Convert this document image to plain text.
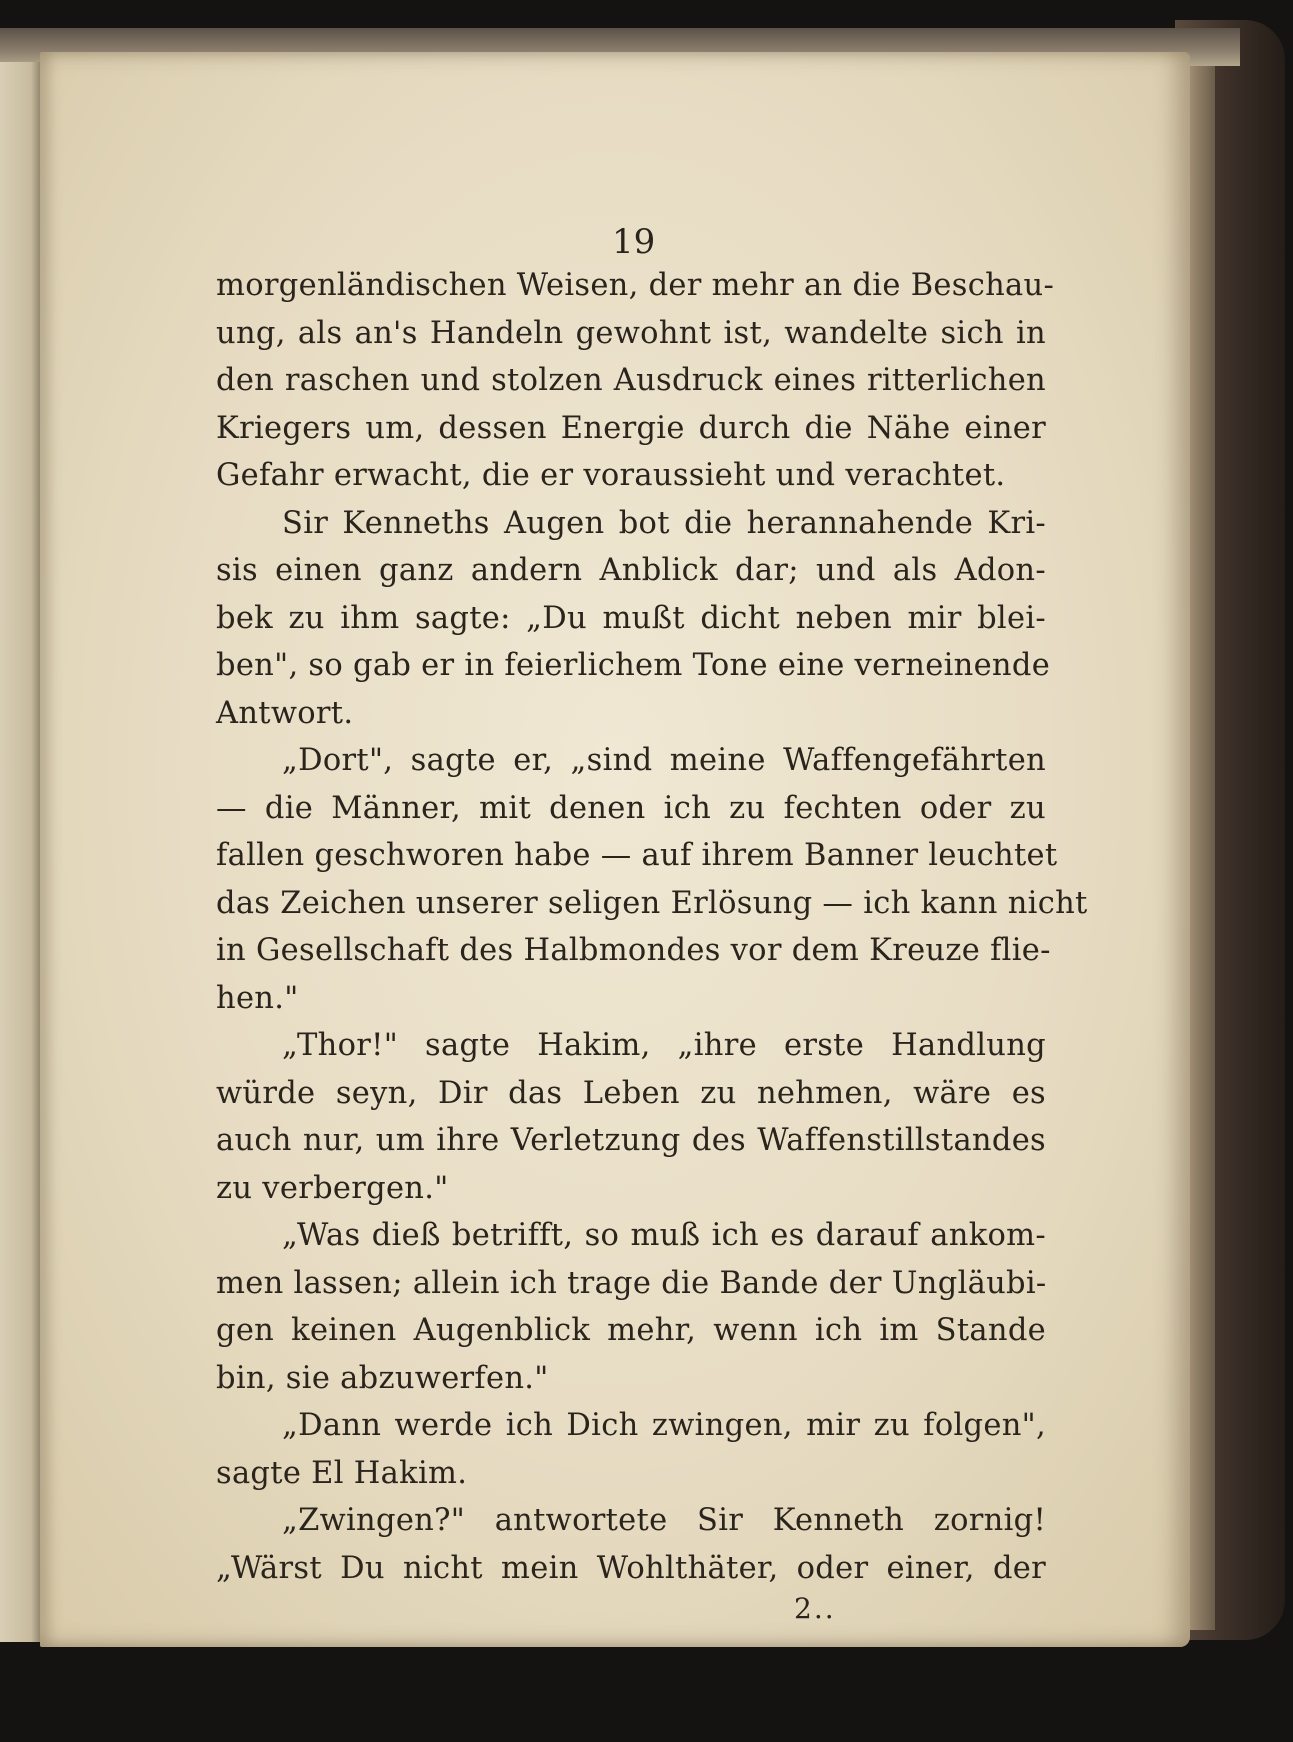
19
morgenländischen Weisen, der mehr an die Beschau-
ung, als an's Handeln gewohnt ist, wandelte sich in
den raschen und stolzen Ausdruck eines ritterlichen
Kriegers um, dessen Energie durch die Nähe einer
Gefahr erwacht, die er voraussieht und verachtet.
Sir Kenneths Augen bot die herannahende Kri-
sis einen ganz andern Anblick dar; und als Adon-
bek zu ihm sagte: „Du mußt dicht neben mir blei-
ben", so gab er in feierlichem Tone eine verneinende
Antwort.
„Dort", sagte er, „sind meine Waffengefährten
— die Männer, mit denen ich zu fechten oder zu
fallen geschworen habe — auf ihrem Banner leuchtet
das Zeichen unserer seligen Erlösung — ich kann nicht
in Gesellschaft des Halbmondes vor dem Kreuze flie-
hen."
„Thor!" sagte Hakim, „ihre erste Handlung
würde seyn, Dir das Leben zu nehmen, wäre es
auch nur, um ihre Verletzung des Waffenstillstandes
zu verbergen."
„Was dieß betrifft, so muß ich es darauf ankom-
men lassen; allein ich trage die Bande der Ungläubi-
gen keinen Augenblick mehr, wenn ich im Stande
bin, sie abzuwerfen."
„Dann werde ich Dich zwingen, mir zu folgen",
sagte El Hakim.
„Zwingen?" antwortete Sir Kenneth zornig!
„Wärst Du nicht mein Wohlthäter, oder einer, der
2..
